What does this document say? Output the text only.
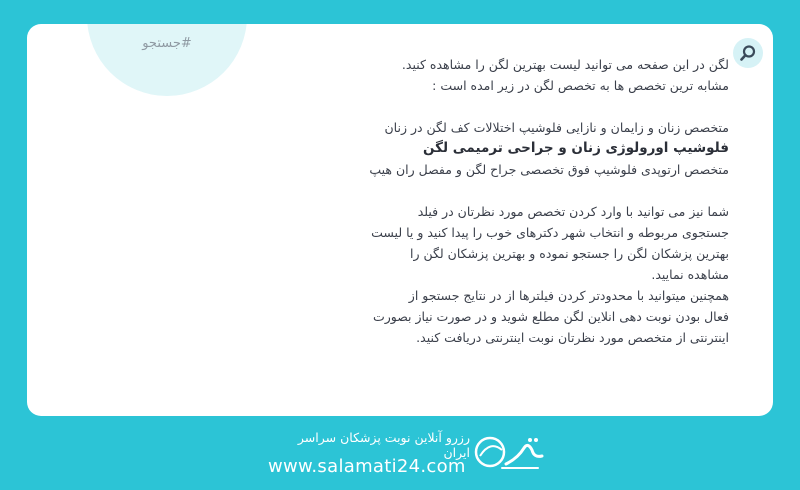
#جستجو

لگن در این صفحه می توانید لیست بهترین لگن را مشاهده کنید.

مشابه ترین تخصص ها به تخصص لگن در زیر امده است :

متخصص زنان و زایمان و نازایی فلوشیپ اختلالات کف لگن در زنان

فلوشیپ اورولوژی زنان و جراحی ترمیمی لگن

متخصص ارتوپدی فلوشیپ فوق تخصصی جراح لگن و مفصل ران هیپ

شما نیز می توانید با وارد کردن تخصص مورد نظرتان در فیلد

جستجوی مربوطه و انتخاب شهر دکترهای خوب را پیدا کنید و یا لیست

بهترین پزشکان لگن را جستجو نموده و بهترین پزشکان لگن را

مشاهده نمایید.

همچنین میتوانید با محدودتر کردن فیلترها از در نتایج جستجو از

فعال بودن نوبت دهی انلاین لگن مطلع شوید و در صورت نیاز بصورت

اینترنتی از متخصص مورد نظرتان نوبت اینترنتی دریافت کنید.

رزرو آنلاین نوبت پزشکان سراسر ایران
www.salamati24.com
